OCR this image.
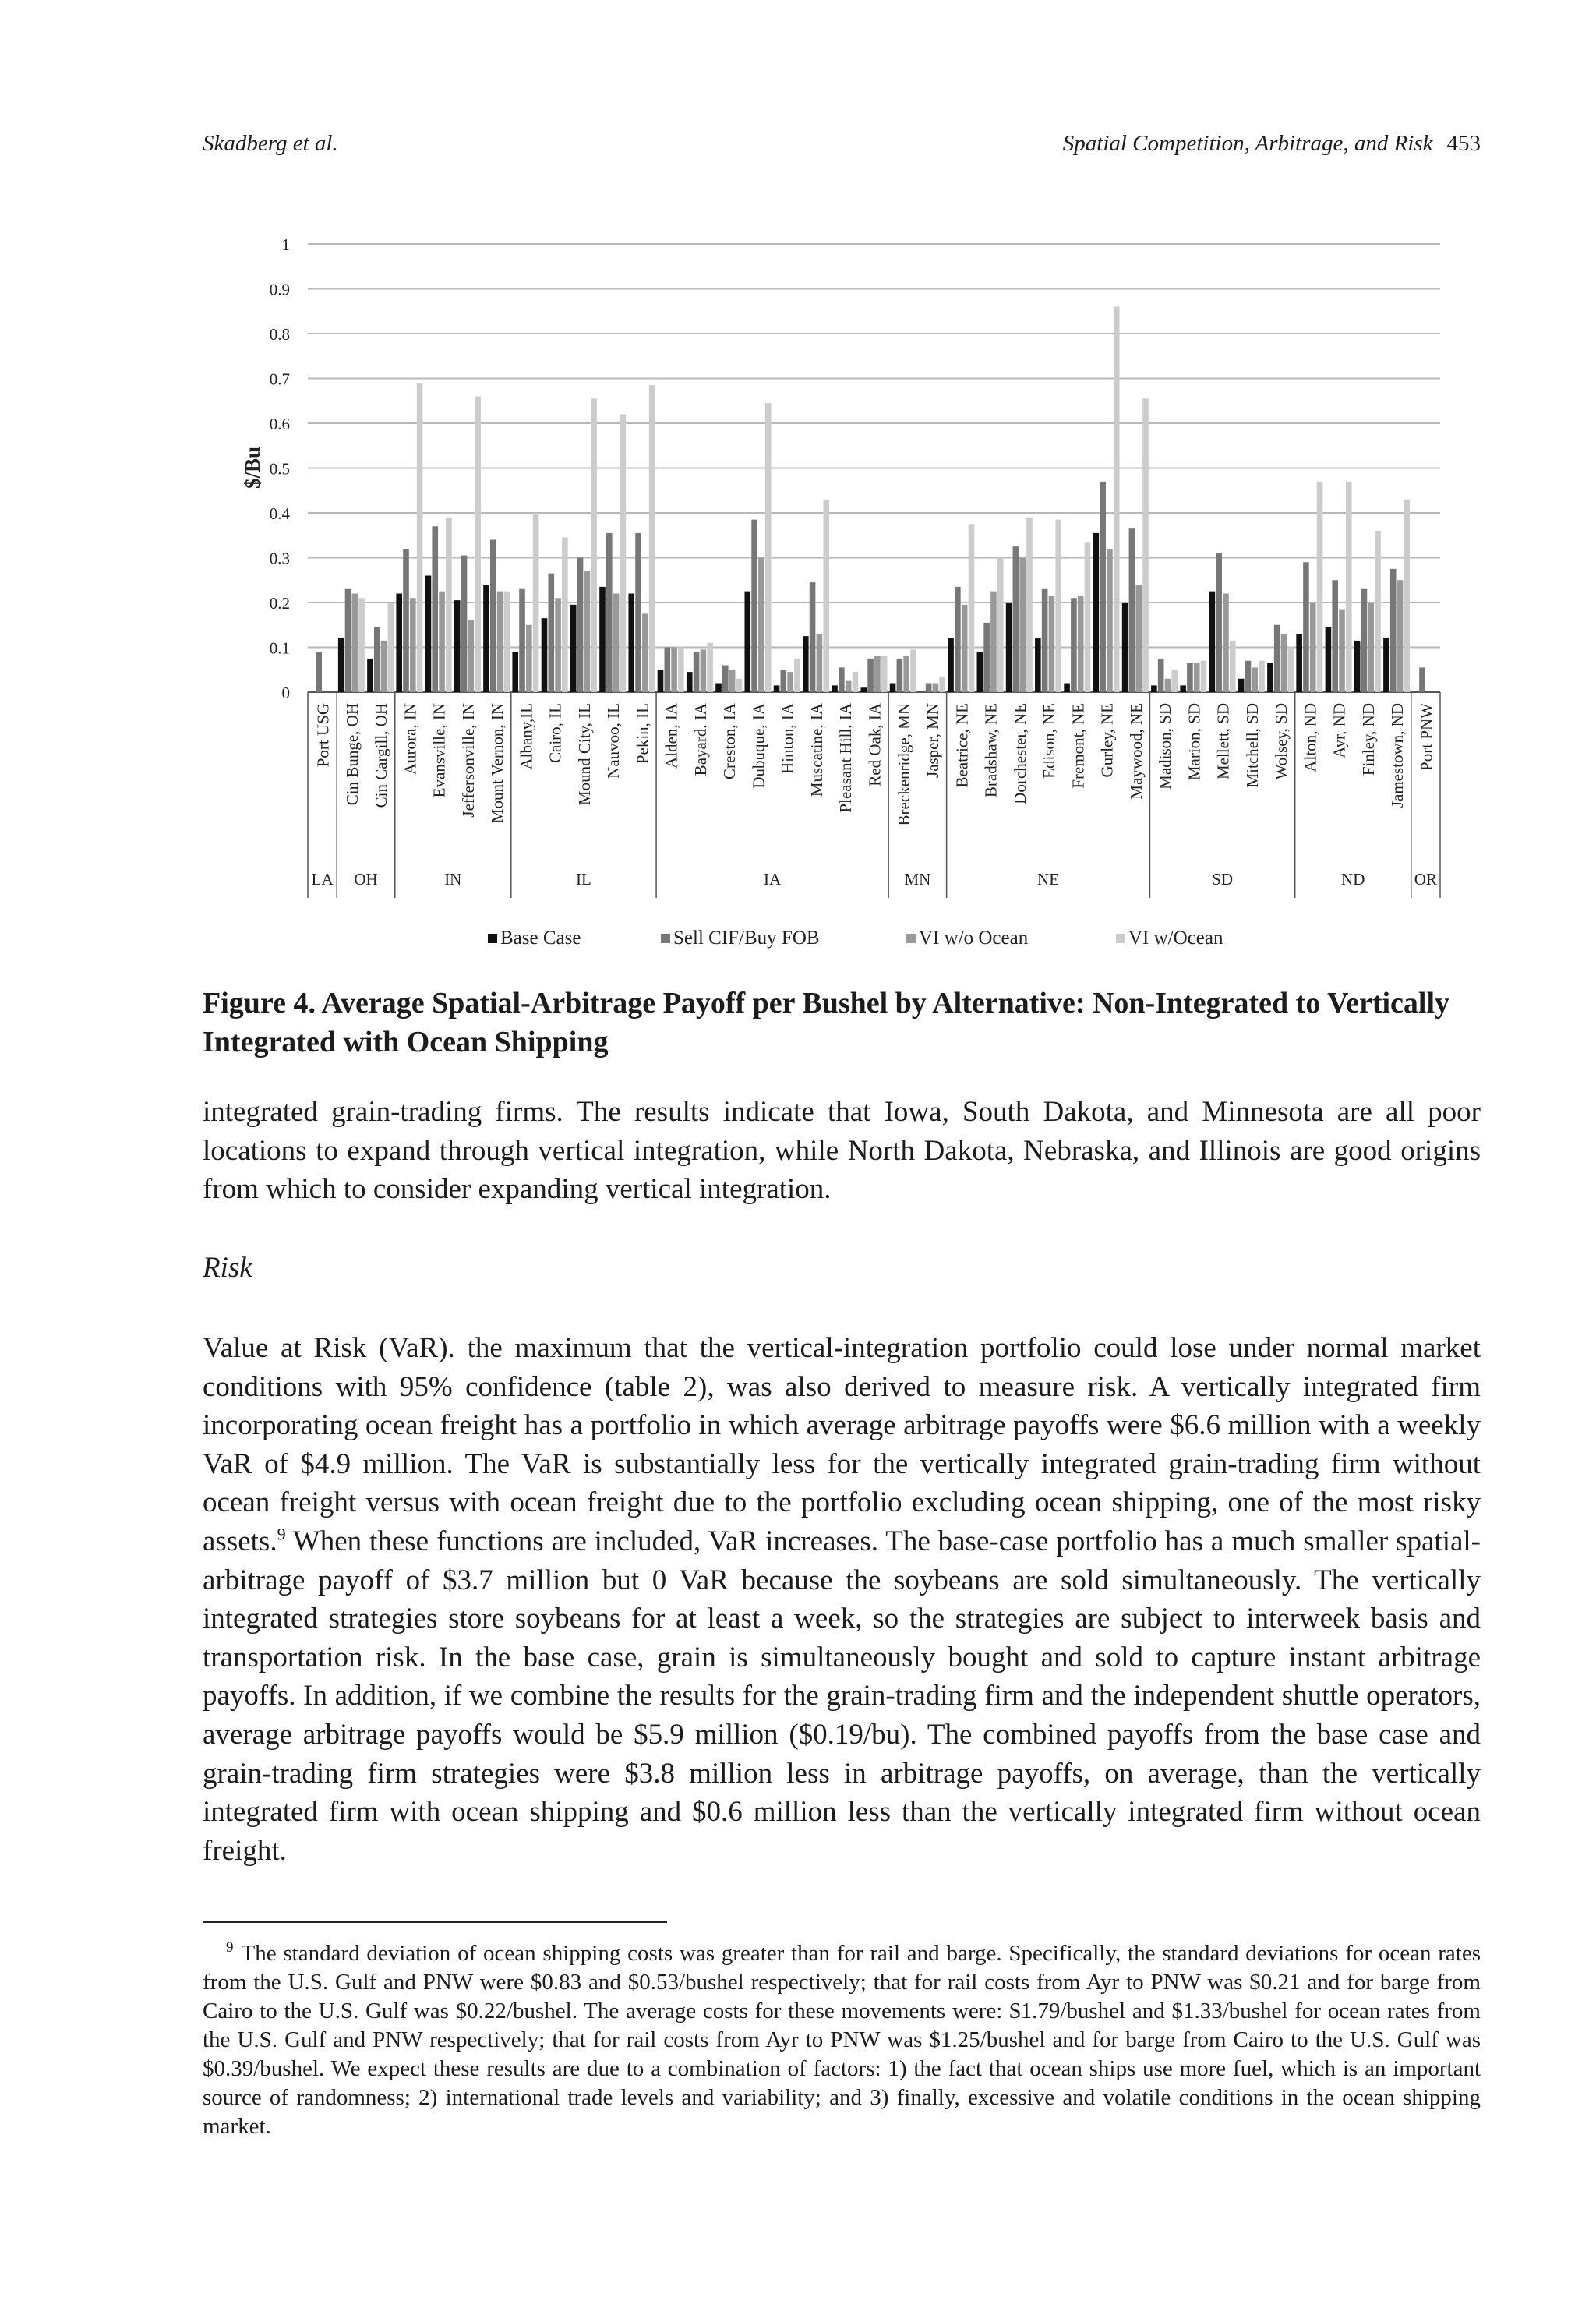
Skadberg et al.	Spatial Competition, Arbitrage, and Risk 453
0
0.1
0.2
0.3
0.4
0.5
0.6
0.7
0.8
0.9
1
$/Bu
Port USG Cin Bunge, OH Cin Cargill, OH Aurora, IN Evansville, IN Jeffersonville, IN Mount Vernon, IN Albany,IL Cairo, IL Mound City, IL Nauvoo, IL Pekin, IL Alden, IA Bayard, IA Creston, IA Dubuque, IA Hinton, IA Muscatine, IA Pleasant Hill, IA Red Oak, IA Breckenridge, MN Jasper, MN Beatrice, NE Bradshaw, NE Dorchester, NE Edison, NE Fremont, NE Gurley, NE Maywood, NE Madison, SD Marion, SD Mellett, SD Mitchell, SD Wolsey, SD Alton, ND Ayr, ND Finley, ND Jamestown, ND Port PNW
LA OH	IN	IL	IA	MN	NE	SD	ND	OR
Base Case	Sell CIF/Buy FOB	VI w/o Ocean	VI w/Ocean
Figure 4. Average Spatial-Arbitrage Payoff per Bushel by Alternative: Non-Integrated to Vertically Integrated with Ocean Shipping

integrated grain-trading firms. The results indicate that Iowa, South Dakota, and Minnesota are all poor locations to expand through vertical integration, while North Dakota, Nebraska, and Illinois are good origins from which to consider expanding vertical integration.

Risk

Value at Risk (VaR). the maximum that the vertical-integration portfolio could lose under normal market conditions with 95% confidence (table 2), was also derived to measure risk. A vertically integrated firm incorporating ocean freight has a portfolio in which average arbitrage payoffs were $6.6 million with a weekly VaR of $4.9 million. The VaR is substantially less for the vertically integrated grain-trading firm without ocean freight versus with ocean freight due to the portfolio excluding ocean shipping, one of the most risky assets.$^9$ When these functions are included, VaR increases. The base-case portfolio has a much smaller spatial-arbitrage payoff of $3.7 million but 0 VaR because the soybeans are sold simultaneously. The vertically integrated strategies store soybeans for at least a week, so the strategies are subject to interweek basis and transportation risk. In the base case, grain is simultaneously bought and sold to capture instant arbitrage payoffs. In addition, if we combine the results for the grain-trading firm and the independent shuttle operators, average arbitrage payoffs would be $5.9 million ($0.19/bu). The combined payoffs from the base case and grain-trading firm strategies were $3.8 million less in arbitrage payoffs, on average, than the vertically integrated firm with ocean shipping and $0.6 million less than the vertically integrated firm without ocean freight.

$^9$ The standard deviation of ocean shipping costs was greater than for rail and barge. Specifically, the standard deviations for ocean rates from the U.S. Gulf and PNW were $0.83 and $0.53/bushel respectively; that for rail costs from Ayr to PNW was $0.21 and for barge from Cairo to the U.S. Gulf was $0.22/bushel. The average costs for these movements were: $1.79/bushel and $1.33/bushel for ocean rates from the U.S. Gulf and PNW respectively; that for rail costs from Ayr to PNW was $1.25/bushel and for barge from Cairo to the U.S. Gulf was $0.39/bushel. We expect these results are due to a combination of factors: 1) the fact that ocean ships use more fuel, which is an important source of randomness; 2) international trade levels and variability; and 3) finally, excessive and volatile conditions in the ocean shipping market.
